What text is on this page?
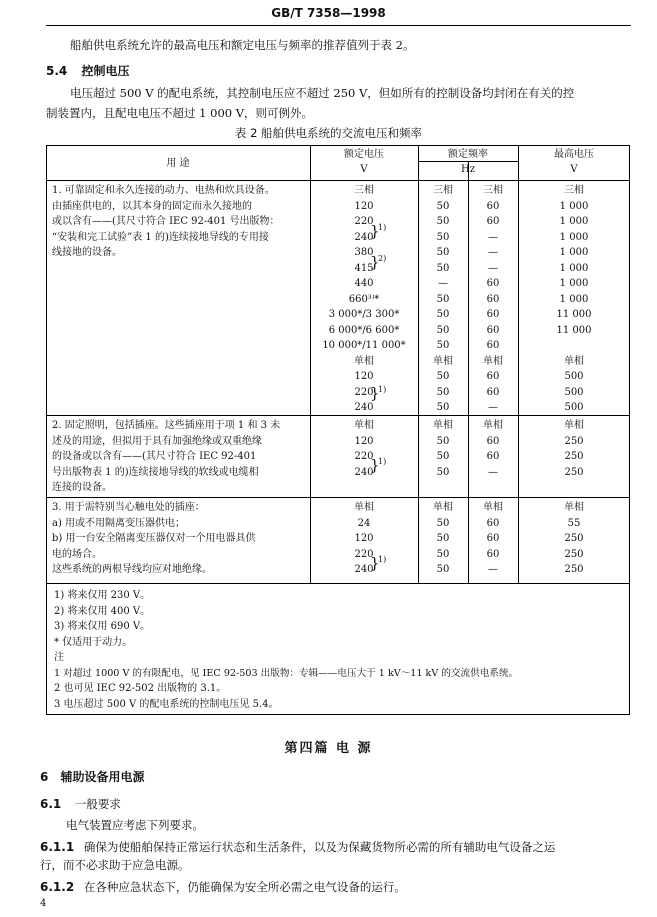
GB/T 7358—1998
船舶供电系统允许的最高电压和额定电压与频率的推荐值列于表 2。
5.4 控制电压
电压超过 500 V 的配电系统，其控制电压应不超过 250 V，但如所有的控制设备均封闭在有关的控
制装置内，且配电电压不超过 1 000 V，则可例外。
表 2 船舶供电系统的交流电压和频率
用 途
额定电压
V
额定频率
Hz
最高电压
V

1. 可靠固定和永久连接的动力、电热和炊具设备。

由插座供电的，以其本身的固定而永久接地的

或以含有——(其尺寸符合 IEC 92-401 号出版物：

“安装和完工试验”表 1 的)连续接地导线的专用接

线接地的设备。

三相
120
220
240
380
415
440
660³⁾*
3 000*/3 300*
6 000*/6 600*
10 000*/11 000*
单相
120
220
240
}
1)
}
2)
}
1)
三相
50
50
50
50
50
—
50
50
50
50
单相
50
50
50
三相
60
60
—
—
—
60
60
60
60
60
单相
60
60
—
三相
1 000
1 000
1 000
1 000
1 000
1 000
1 000
11 000
11 000
单相
500
500
500

2. 固定照明，包括插座。这些插座用于项 1 和 3 未

述及的用途，但拟用于具有加强绝缘或双重绝缘

的设备或以含有——(其尺寸符合 IEC 92-401

号出版物表 1 的)连续接地导线的软线或电缆相

连接的设备。

单相
120
220
240
}
1)
单相
50
50
50
单相
60
60
—
单相
250
250
250

3. 用于需特别当心触电处的插座：

a) 用或不用隔离变压器供电；

b) 用一台安全隔离变压器仅对一个用电器具供

电的场合。

这些系统的两根导线均应对地绝缘。

单相
24
120
220
240
}
1)
单相
50
50
50
50
单相
60
60
60
—
单相
55
250
250
250
1) 将来仅用 230 V。
2) 将来仅用 400 V。
3) 将来仅用 690 V。
* 仅适用于动力。
注
1 对超过 1000 V 的有限配电，见 IEC 92-503 出版物：专辑——电压大于 1 kV～11 kV 的交流供电系统。
2 也可见 IEC 92-502 出版物的 3.1。
3 电压超过 500 V 的配电系统的控制电压见 5.4。
第四篇 电 源
6 辅助设备用电源
6.1 一般要求
电气装置应考虑下列要求。
6.1.1 确保为使船舶保持正常运行状态和生活条件，以及为保藏货物所必需的所有辅助电气设备之运
行，而不必求助于应急电源。
6.1.2 在各种应急状态下，仍能确保为安全所必需之电气设备的运行。
4
